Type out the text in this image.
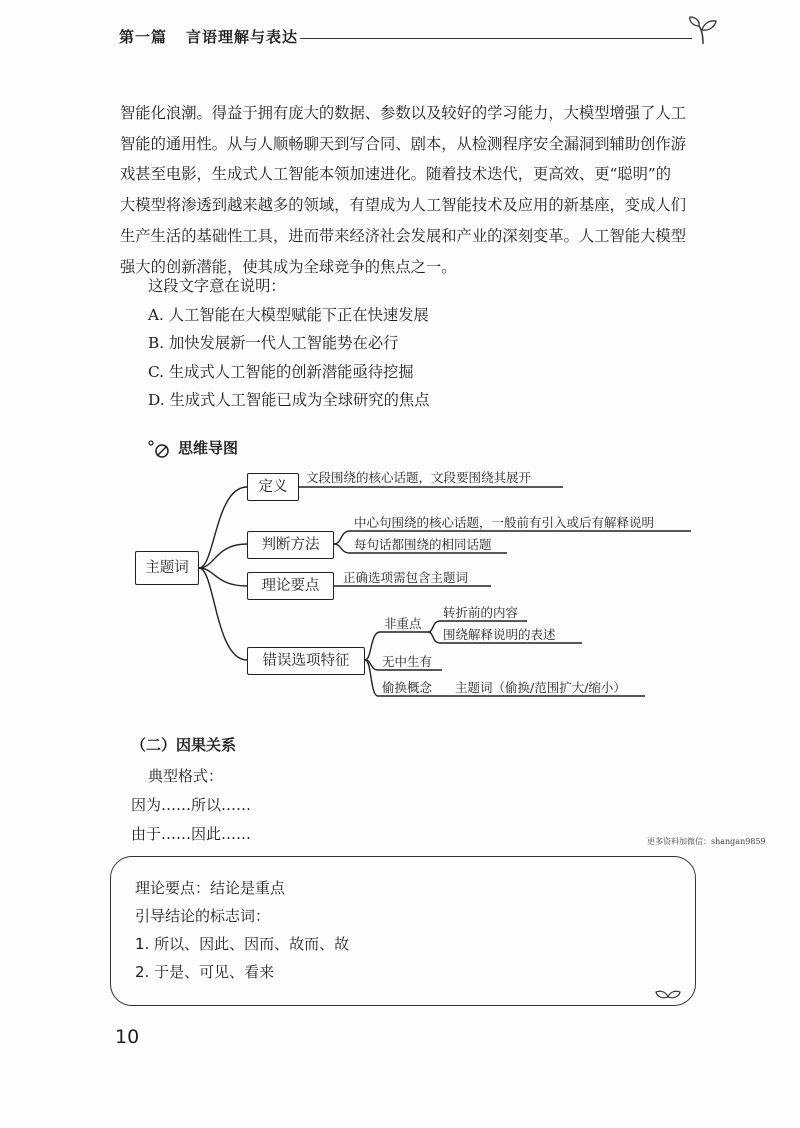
第一篇 言语理解与表达
智能化浪潮。得益于拥有庞大的数据、参数以及较好的学习能力，大模型增强了人工
智能的通用性。从与人顺畅聊天到写合同、剧本，从检测程序安全漏洞到辅助创作游
戏甚至电影，生成式人工智能本领加速进化。随着技术迭代，更高效、更“聪明”的
大模型将渗透到越来越多的领域，有望成为人工智能技术及应用的新基座，变成人们
生产生活的基础性工具，进而带来经济社会发展和产业的深刻变革。人工智能大模型
强大的创新潜能，使其成为全球竞争的焦点之一。
这段文字意在说明：
A. 人工智能在大模型赋能下正在快速发展
B. 加快发展新一代人工智能势在必行
C. 生成式人工智能的创新潜能亟待挖掘
D. 生成式人工智能已成为全球研究的焦点
思维导图
主题词
定义
判断方法
理论要点
错误选项特征
文段围绕的核心话题，文段要围绕其展开
中心句围绕的核心话题，一般前有引入或后有解释说明
每句话都围绕的相同话题
正确选项需包含主题词
非重点
转折前的内容
围绕解释说明的表述
无中生有
偷换概念 主题词（偷换/范围扩大/缩小）
（二）因果关系
典型格式：
因为……所以……
由于……因此……	更多资料加微信：shangan9859
理论要点：结论是重点
引导结论的标志词：
1. 所以、因此、因而、故而、故
2. 于是、可见、看来
10
